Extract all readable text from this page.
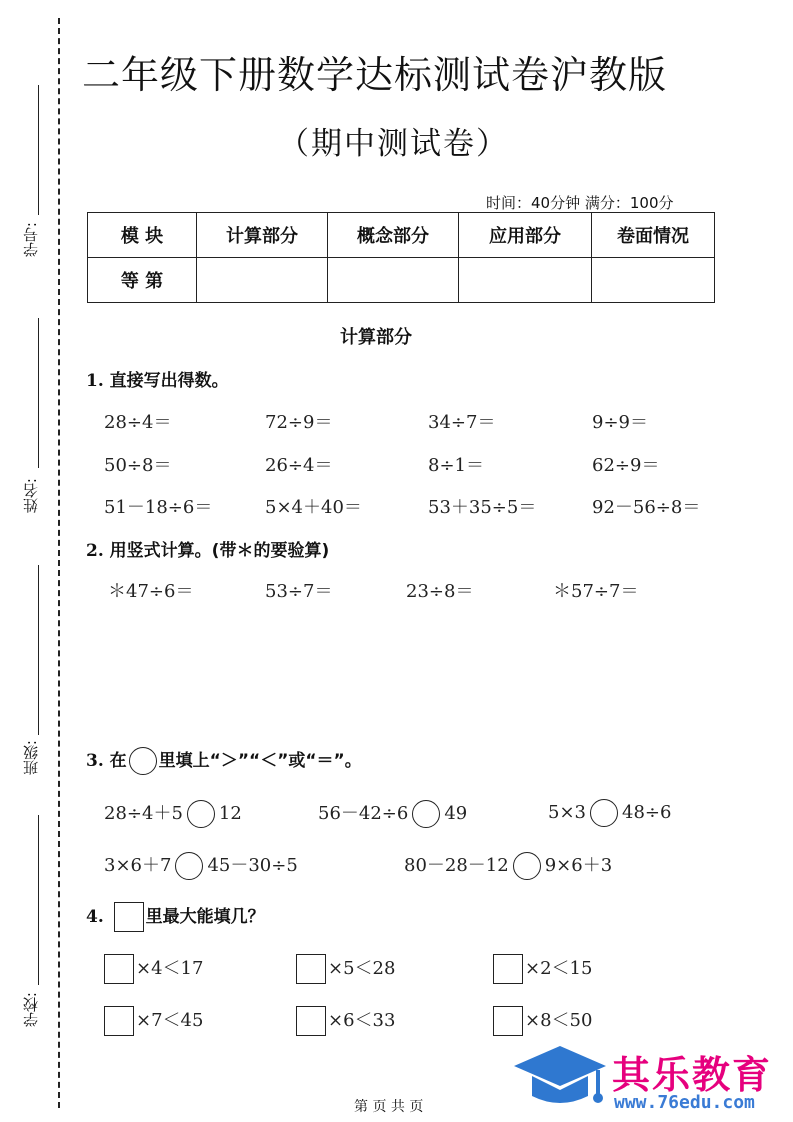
学号:
姓名:
班级:
学校:
二年级下册数学达标测试卷沪教版
（期中测试卷）
时间：40分钟 满分：100分
模 块	计算部分	概念部分	应用部分	卷面情况
等 第				
计算部分
1. 直接写出得数。
28÷4＝	72÷9＝	34÷7＝	9÷9＝
50÷8＝	26÷4＝	8÷1＝	62÷9＝
51－18÷6＝	5×4＋40＝	53＋35÷5＝	92－56÷8＝
2. 用竖式计算。(带＊的要验算)
＊47÷6＝	53÷7＝	23÷8＝	＊57÷7＝
3. 在 里填上“＞”“＜”或“＝”。
28÷4＋5 12	56－42÷6 49	5×3 48÷6
3×6＋7 45－30÷5	80－28－12 9×6＋3
4. 里最大能填几？
×4＜17	×5＜28	×2＜15
×7＜45	×6＜33	×8＜50
其乐教育
www.76edu.com
第 页 共 页
